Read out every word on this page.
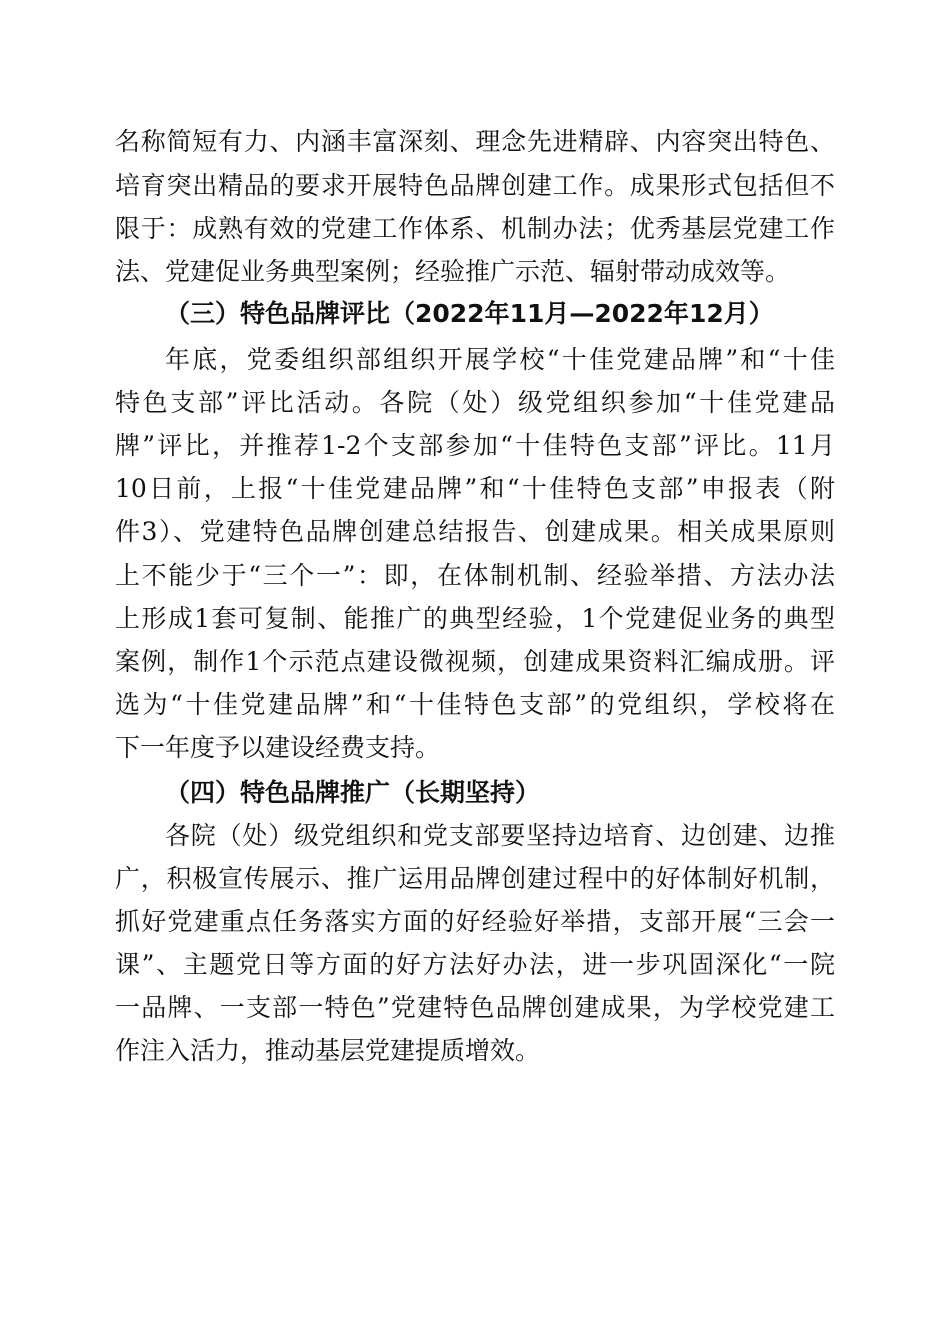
名称简短有力、内涵丰富深刻、理念先进精辟、内容突出特色、
培育突出精品的要求开展特色品牌创建工作。成果形式包括但不
限于：成熟有效的党建工作体系、机制办法；优秀基层党建工作
法、党建促业务典型案例；经验推广示范、辐射带动成效等。
（三）特色品牌评比（2022年11月—2022年12月）
年底，党委组织部组织开展学校“十佳党建品牌”和“十佳
特色支部”评比活动。各院（处）级党组织参加“十佳党建品
牌”评比，并推荐1-2个支部参加“十佳特色支部”评比。11月
10日前，上报“十佳党建品牌”和“十佳特色支部”申报表（附
件3）、党建特色品牌创建总结报告、创建成果。相关成果原则
上不能少于“三个一”：即，在体制机制、经验举措、方法办法
上形成1套可复制、能推广的典型经验，1个党建促业务的典型
案例，制作1个示范点建设微视频，创建成果资料汇编成册。评
选为“十佳党建品牌”和“十佳特色支部”的党组织，学校将在
下一年度予以建设经费支持。
（四）特色品牌推广（长期坚持）
各院（处）级党组织和党支部要坚持边培育、边创建、边推
广，积极宣传展示、推广运用品牌创建过程中的好体制好机制，
抓好党建重点任务落实方面的好经验好举措，支部开展“三会一
课”、主题党日等方面的好方法好办法，进一步巩固深化“一院
一品牌、一支部一特色”党建特色品牌创建成果，为学校党建工
作注入活力，推动基层党建提质增效。
